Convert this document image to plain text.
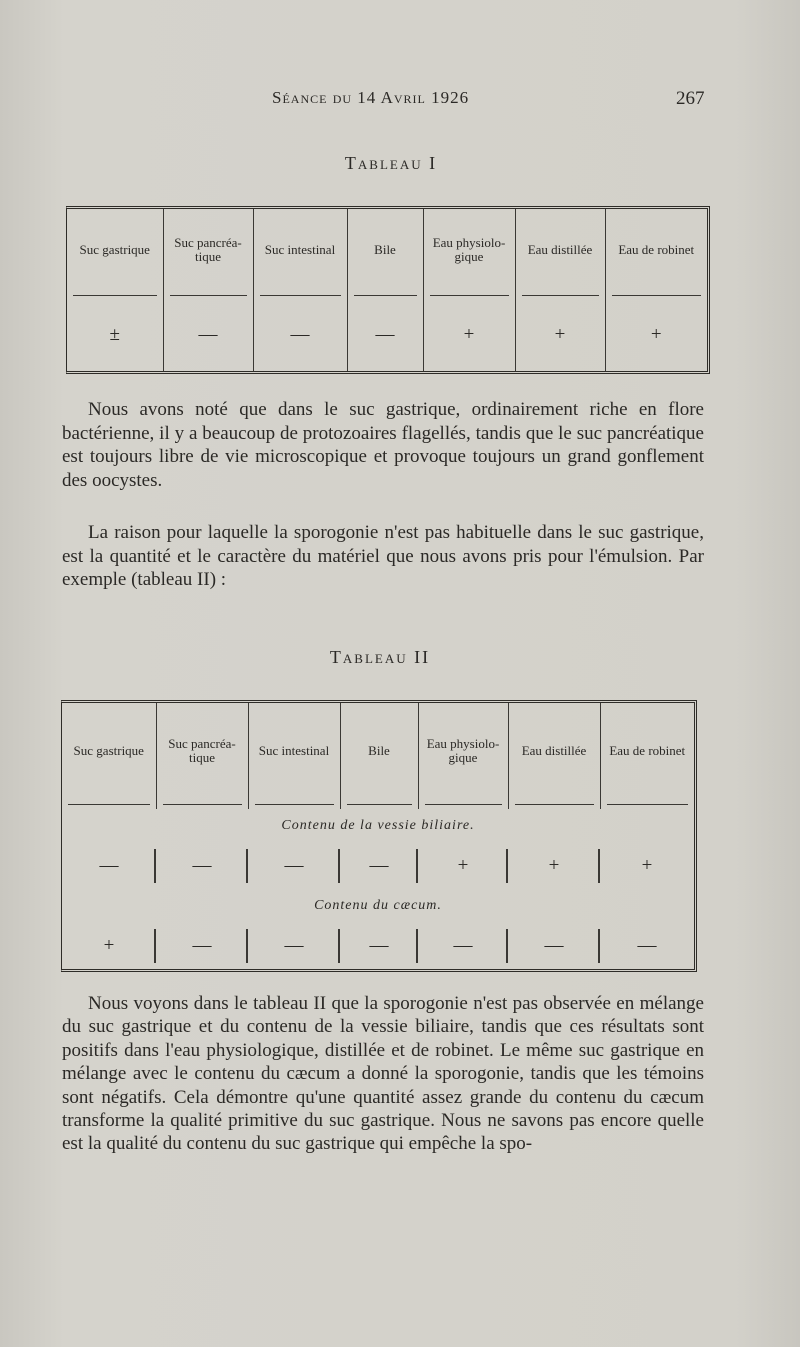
Séance du 14 Avril 1926	267
Tableau I
Suc gastrique	Suc pancréa-tique	Suc intestinal	Bile	Eau physiolo-gique	Eau distillée	Eau de robinet

±	—	—	—	+	+	+

Nous avons noté que dans le suc gastrique, ordinairement riche en flore bactérienne, il y a beaucoup de protozoaires flagellés, tandis que le suc pancréatique est toujours libre de vie microscopique et provoque toujours un grand gonflement des oocystes.

La raison pour laquelle la sporogonie n'est pas habituelle dans le suc gastrique, est la quantité et le caractère du matériel que nous avons pris pour l'émulsion. Par exemple (tableau II) :

Tableau II
Suc gastrique	Suc pancréa-tique	Suc intestinal	Bile	Eau physiolo-gique	Eau distillée	Eau de robinet

Contenu de la vessie biliaire.						
—	—	—	—	+	+	+
Contenu du cæcum.						
+	—	—	—	—	—	—

Nous voyons dans le tableau II que la sporogonie n'est pas observée en mélange du suc gastrique et du contenu de la vessie biliaire, tandis que ces résultats sont positifs dans l'eau physiologique, distillée et de robinet. Le même suc gastrique en mélange avec le contenu du cæcum a donné la sporogonie, tandis que les témoins sont négatifs. Cela démontre qu'une quantité assez grande du contenu du cæcum transforme la qualité primitive du suc gastrique. Nous ne savons pas encore quelle est la qualité du contenu du suc gastrique qui empêche la spo-
